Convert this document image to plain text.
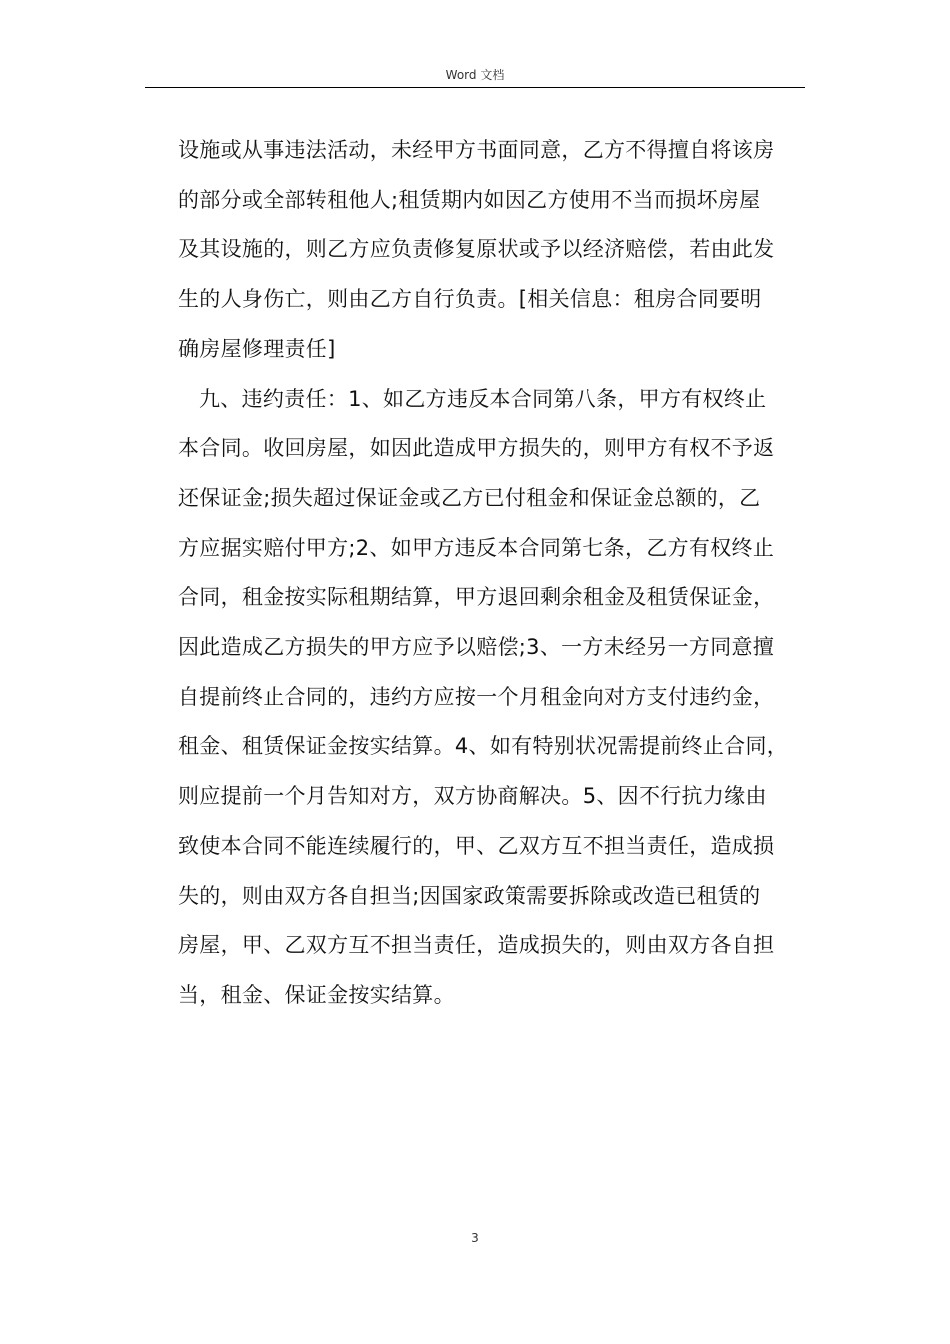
Word 文档

设施或从事违法活动，未经甲方书面同意，乙方不得擅自将该房
的部分或全部转租他人;租赁期内如因乙方使用不当而损坏房屋
及其设施的，则乙方应负责修复原状或予以经济赔偿，若由此发
生的人身伤亡，则由乙方自行负责。[相关信息：租房合同要明
确房屋修理责任]

九、违约责任：1、如乙方违反本合同第八条，甲方有权终止
本合同。收回房屋，如因此造成甲方损失的，则甲方有权不予返
还保证金;损失超过保证金或乙方已付租金和保证金总额的，乙
方应据实赔付甲方;2、如甲方违反本合同第七条，乙方有权终止
合同，租金按实际租期结算，甲方退回剩余租金及租赁保证金，
因此造成乙方损失的甲方应予以赔偿;3、一方未经另一方同意擅
自提前终止合同的，违约方应按一个月租金向对方支付违约金，
租金、租赁保证金按实结算。4、如有特别状况需提前终止合同，
则应提前一个月告知对方，双方协商解决。5、因不行抗力缘由
致使本合同不能连续履行的，甲、乙双方互不担当责任，造成损
失的，则由双方各自担当;因国家政策需要拆除或改造已租赁的
房屋，甲、乙双方互不担当责任，造成损失的，则由双方各自担
当，租金、保证金按实结算。

3
